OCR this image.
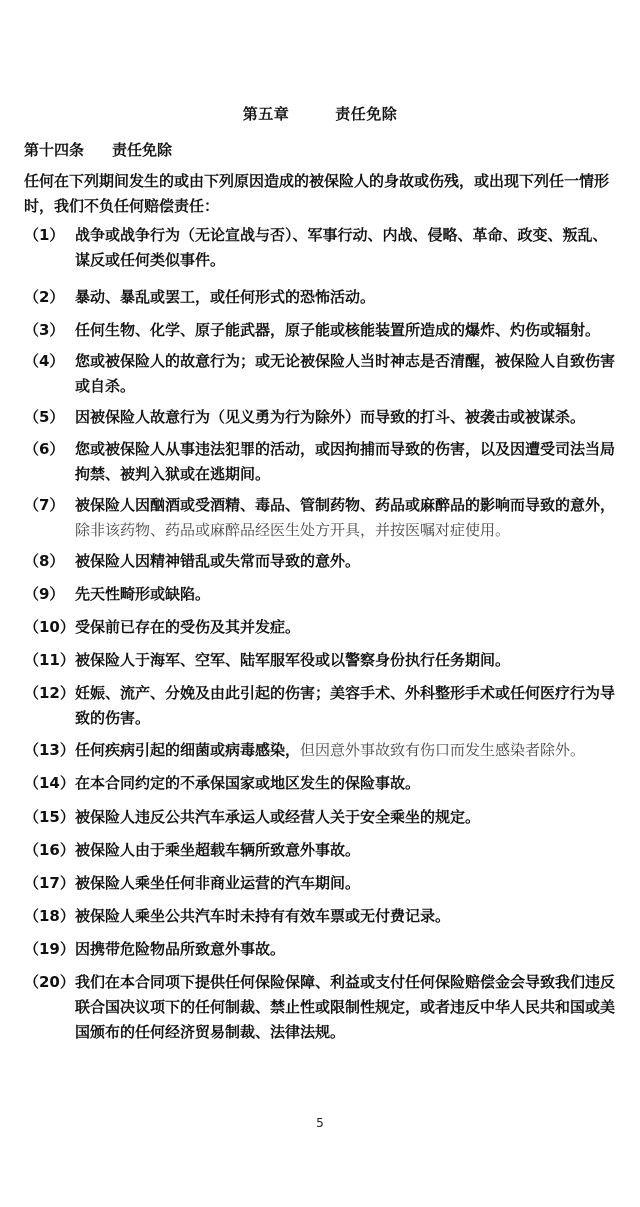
第五章	责任免除
第十四条 责任免除

任何在下列期间发生的或由下列原因造成的被保险人的身故或伤残，或出现下列任一情形时，我们不负任何赔偿责任：

（1） 战争或战争行为（无论宣战与否）、军事行动、内战、侵略、革命、政变、叛乱、谋反或任何类似事件。
（2） 暴动、暴乱或罢工，或任何形式的恐怖活动。
（3） 任何生物、化学、原子能武器，原子能或核能装置所造成的爆炸、灼伤或辐射。
（4） 您或被保险人的故意行为；或无论被保险人当时神志是否清醒，被保险人自致伤害或自杀。
（5） 因被保险人故意行为（见义勇为行为除外）而导致的打斗、被袭击或被谋杀。
（6） 您或被保险人从事违法犯罪的活动，或因拘捕而导致的伤害，以及因遭受司法当局拘禁、被判入狱或在逃期间。
（7） 被保险人因酗酒或受酒精、毒品、管制药物、药品或麻醉品的影响而导致的意外，除非该药物、药品或麻醉品经医生处方开具，并按医嘱对症使用。
（8） 被保险人因精神错乱或失常而导致的意外。
（9） 先天性畸形或缺陷。
（10） 受保前已存在的受伤及其并发症。
（11） 被保险人于海军、空军、陆军服军役或以警察身份执行任务期间。
（12） 妊娠、流产、分娩及由此引起的伤害；美容手术、外科整形手术或任何医疗行为导致的伤害。
（13） 任何疾病引起的细菌或病毒感染，但因意外事故致有伤口而发生感染者除外。
（14） 在本合同约定的不承保国家或地区发生的保险事故。
（15） 被保险人违反公共汽车承运人或经营人关于安全乘坐的规定。
（16） 被保险人由于乘坐超载车辆所致意外事故。
（17） 被保险人乘坐任何非商业运营的汽车期间。
（18） 被保险人乘坐公共汽车时未持有有效车票或无付费记录。
（19） 因携带危险物品所致意外事故。
（20） 我们在本合同项下提供任何保险保障、利益或支付任何保险赔偿金会导致我们违反联合国决议项下的任何制裁、禁止性或限制性规定，或者违反中华人民共和国或美国颁布的任何经济贸易制裁、法律法规。
5
